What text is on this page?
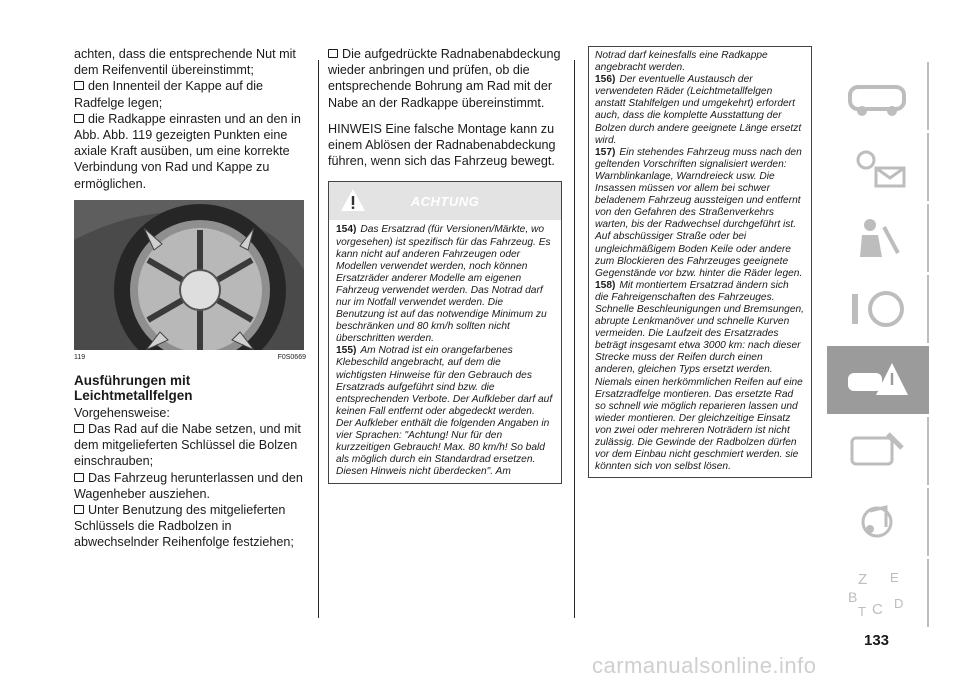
achten, dass die entsprechende Nut mit dem Reifenventil übereinstimmt;

den Innenteil der Kappe auf die Radfelge legen;

die Radkappe einrasten und an den in Abb. Abb. 119 gezeigten Punkten eine axiale Kraft ausüben, um eine korrekte Verbindung von Rad und Kappe zu ermöglichen.

119	F0S0669
Ausführungen mit Leichtmetallfelgen

Vorgehensweise:

Das Rad auf die Nabe setzen, und mit dem mitgelieferten Schlüssel die Bolzen einschrauben;

Das Fahrzeug herunterlassen und den Wagenheber ausziehen.

Unter Benutzung des mitgelieferten Schlüssels die Radbolzen in abwechselnder Reihenfolge festziehen;

Die aufgedrückte Radnabenabdeckung wieder anbringen und prüfen, ob die entsprechende Bohrung am Rad mit der Nabe an der Radkappe übereinstimmt.

HINWEIS Eine falsche Montage kann zu einem Ablösen der Radnabenabdeckung führen, wenn sich das Fahrzeug bewegt.

ACHTUNG

154) Das Ersatzrad (für Versionen/Märkte, wo vorgesehen) ist spezifisch für das Fahrzeug. Es kann nicht auf anderen Fahrzeugen oder Modellen verwendet werden, noch können Ersatzräder anderer Modelle am eigenen Fahrzeug verwendet werden. Das Notrad darf nur im Notfall verwendet werden. Die Benutzung ist auf das notwendige Minimum zu beschränken und 80 km/h sollten nicht überschritten werden.

155) Am Notrad ist ein orangefarbenes Klebeschild angebracht, auf dem die wichtigsten Hinweise für den Gebrauch des Ersatzrads aufgeführt sind bzw. die entsprechenden Verbote. Der Aufkleber darf auf keinen Fall entfernt oder abgedeckt werden. Der Aufkleber enthält die folgenden Angaben in vier Sprachen: "Achtung! Nur für den kurzzeitigen Gebrauch! Max. 80 km/h! So bald als möglich durch ein Standardrad ersetzen. Diesen Hinweis nicht überdecken". Am

Notrad darf keinesfalls eine Radkappe angebracht werden.

156) Der eventuelle Austausch der verwendeten Räder (Leichtmetallfelgen anstatt Stahlfelgen und umgekehrt) erfordert auch, dass die komplette Ausstattung der Bolzen durch andere geeignete Länge ersetzt wird.

157) Ein stehendes Fahrzeug muss nach den geltenden Vorschriften signalisiert werden: Warnblinkanlage, Warndreieck usw. Die Insassen müssen vor allem bei schwer beladenem Fahrzeug aussteigen und entfernt von den Gefahren des Straßenverkehrs warten, bis der Radwechsel durchgeführt ist. Auf abschüssiger Straße oder bei ungleichmäßigem Boden Keile oder andere zum Blockieren des Fahrzeuges geeignete Gegenstände vor bzw. hinter die Räder legen.

158) Mit montiertem Ersatzrad ändern sich die Fahreigenschaften des Fahrzeuges. Schnelle Beschleunigungen und Bremsungen, abrupte Lenkmanöver und schnelle Kurven vermeiden. Die Laufzeit des Ersatzrades beträgt insgesamt etwa 3000 km: nach dieser Strecke muss der Reifen durch einen anderen, gleichen Typs ersetzt werden. Niemals einen herkömmlichen Reifen auf eine Ersatzradfelge montieren. Das ersetzte Rad so schnell wie möglich reparieren lassen und wieder montieren. Der gleichzeitige Einsatz von zwei oder mehreren Noträdern ist nicht zulässig. Die Gewinde der Radbolzen dürfen vor dem Einbau nicht geschmiert werden. sie könnten sich von selbst lösen.

Z E
B
C
T
D
133
carmanualsonline.info
